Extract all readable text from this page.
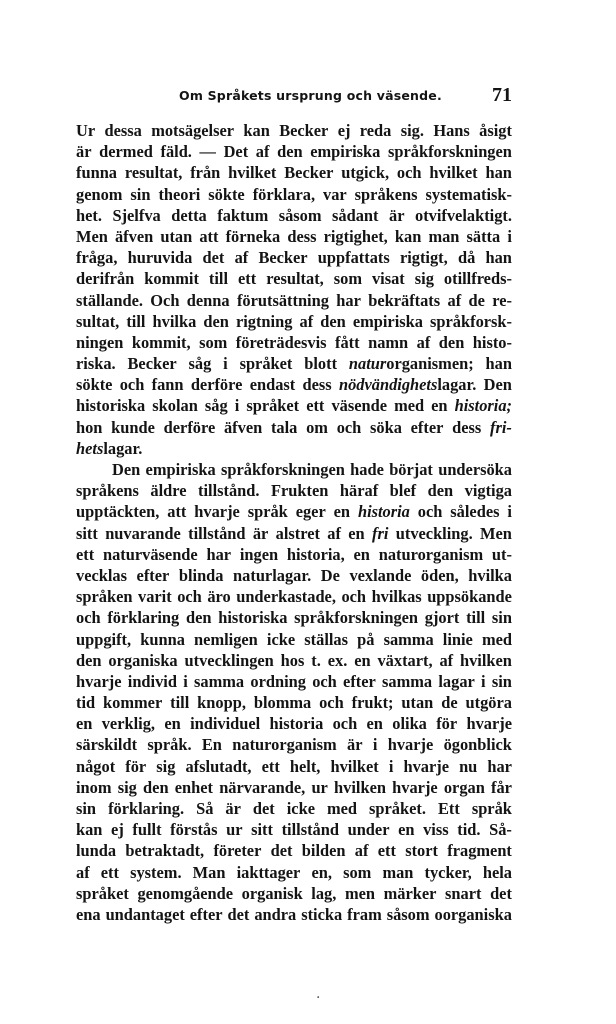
Om Språkets ursprung och väsende.	71
Ur dessa motsägelser kan Becker ej reda sig. Hans åsigt
är dermed fäld. — Det af den empiriska språkforskningen
funna resultat, från hvilket Becker utgick, och hvilket han
genom sin theori sökte förklara, var språkens systematisk-
het. Sjelfva detta faktum såsom sådant är otvifvelaktigt.
Men äfven utan att förneka dess rigtighet, kan man sätta i
fråga, huruvida det af Becker uppfattats rigtigt, då han
derifrån kommit till ett resultat, som visat sig otillfreds-
ställande. Och denna förutsättning har bekräftats af de re-
sultat, till hvilka den rigtning af den empiriska språkforsk-
ningen kommit, som företrädesvis fått namn af den histo-
riska. Becker såg i språket blott naturorganismen; han
sökte och fann derföre endast dess nödvändighetslagar. Den
historiska skolan såg i språket ett väsende med en historia;
hon kunde derföre äfven tala om och söka efter dess fri-
hetslagar.
Den empiriska språkforskningen hade börjat undersöka
språkens äldre tillstånd. Frukten häraf blef den vigtiga
upptäckten, att hvarje språk eger en historia och således i
sitt nuvarande tillstånd är alstret af en fri utveckling. Men
ett naturväsende har ingen historia, en naturorganism ut-
vecklas efter blinda naturlagar. De vexlande öden, hvilka
språken varit och äro underkastade, och hvilkas uppsökande
och förklaring den historiska språkforskningen gjort till sin
uppgift, kunna nemligen icke ställas på samma linie med
den organiska utvecklingen hos t. ex. en växtart, af hvilken
hvarje individ i samma ordning och efter samma lagar i sin
tid kommer till knopp, blomma och frukt; utan de utgöra
en verklig, en individuel historia och en olika för hvarje
särskildt språk. En naturorganism är i hvarje ögonblick
något för sig afslutadt, ett helt, hvilket i hvarje nu har
inom sig den enhet närvarande, ur hvilken hvarje organ får
sin förklaring. Så är det icke med språket. Ett språk
kan ej fullt förstås ur sitt tillstånd under en viss tid. Så-
lunda betraktadt, företer det bilden af ett stort fragment
af ett system. Man iakttager en, som man tycker, hela
språket genomgående organisk lag, men märker snart det
ena undantaget efter det andra sticka fram såsom oorganiska
·
